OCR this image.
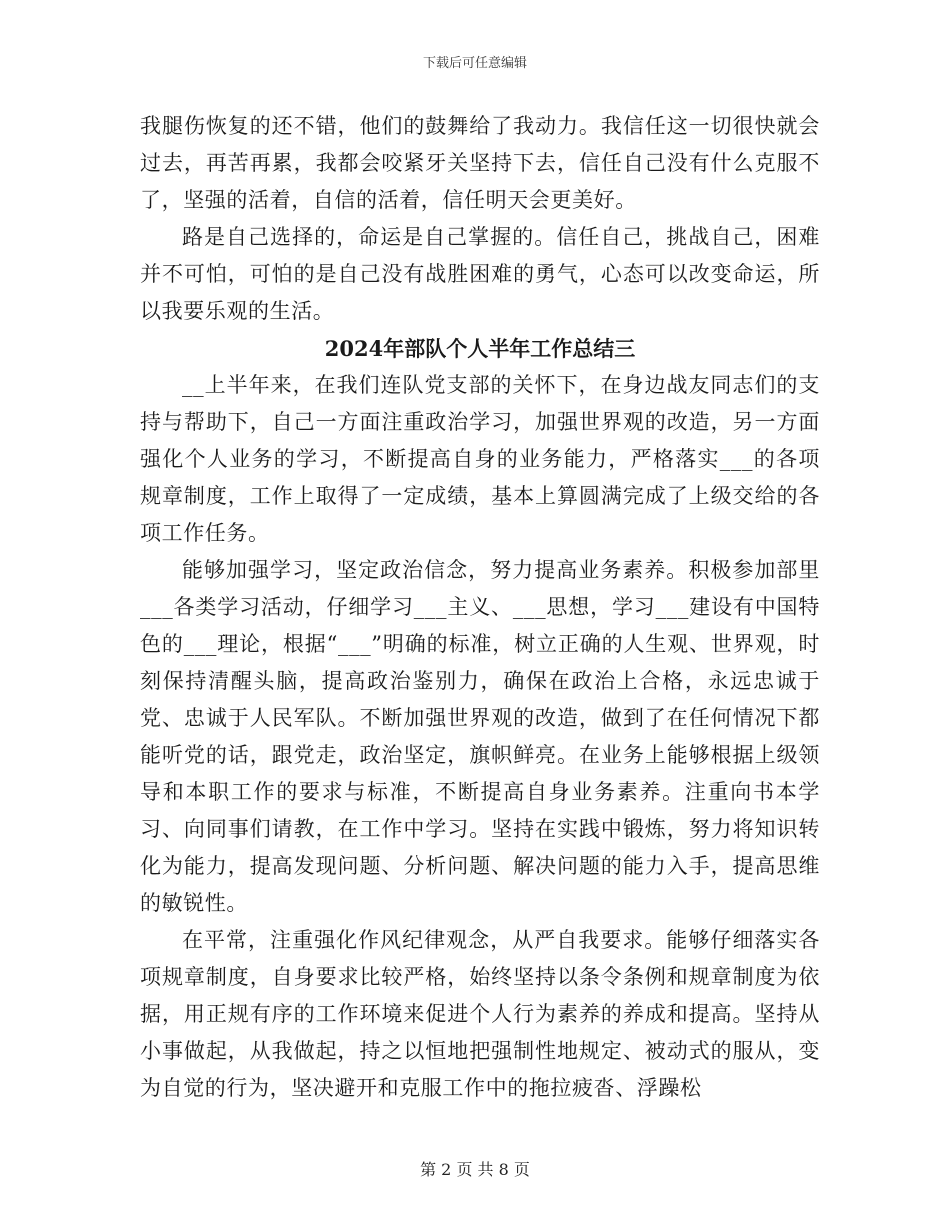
下载后可任意编辑

我腿伤恢复的还不错，他们的鼓舞给了我动力。我信任这一切很快就会过去，再苦再累，我都会咬紧牙关坚持下去，信任自己没有什么克服不了，坚强的活着，自信的活着，信任明天会更美好。

路是自己选择的，命运是自己掌握的。信任自己，挑战自己，困难并不可怕，可怕的是自己没有战胜困难的勇气，心态可以改变命运，所以我要乐观的生活。

2024年部队个人半年工作总结三

__上半年来，在我们连队党支部的关怀下，在身边战友同志们的支持与帮助下，自己一方面注重政治学习，加强世界观的改造，另一方面强化个人业务的学习，不断提高自身的业务能力，严格落实___的各项规章制度，工作上取得了一定成绩，基本上算圆满完成了上级交给的各项工作任务。

能够加强学习，坚定政治信念，努力提高业务素养。积极参加部里___各类学习活动，仔细学习___主义、___思想，学习___建设有中国特色的___理论，根据“___”明确的标准，树立正确的人生观、世界观，时刻保持清醒头脑，提高政治鉴别力，确保在政治上合格，永远忠诚于党、忠诚于人民军队。不断加强世界观的改造，做到了在任何情况下都能听党的话，跟党走，政治坚定，旗帜鲜亮。在业务上能够根据上级领导和本职工作的要求与标准，不断提高自身业务素养。注重向书本学习、向同事们请教，在工作中学习。坚持在实践中锻炼，努力将知识转化为能力，提高发现问题、分析问题、解决问题的能力入手，提高思维的敏锐性。

在平常，注重强化作风纪律观念，从严自我要求。能够仔细落实各项规章制度，自身要求比较严格，始终坚持以条令条例和规章制度为依据，用正规有序的工作环境来促进个人行为素养的养成和提高。坚持从小事做起，从我做起，持之以恒地把强制性地规定、被动式的服从，变为自觉的行为，坚决避开和克服工作中的拖拉疲沓、浮躁松

第 2 页 共 8 页
